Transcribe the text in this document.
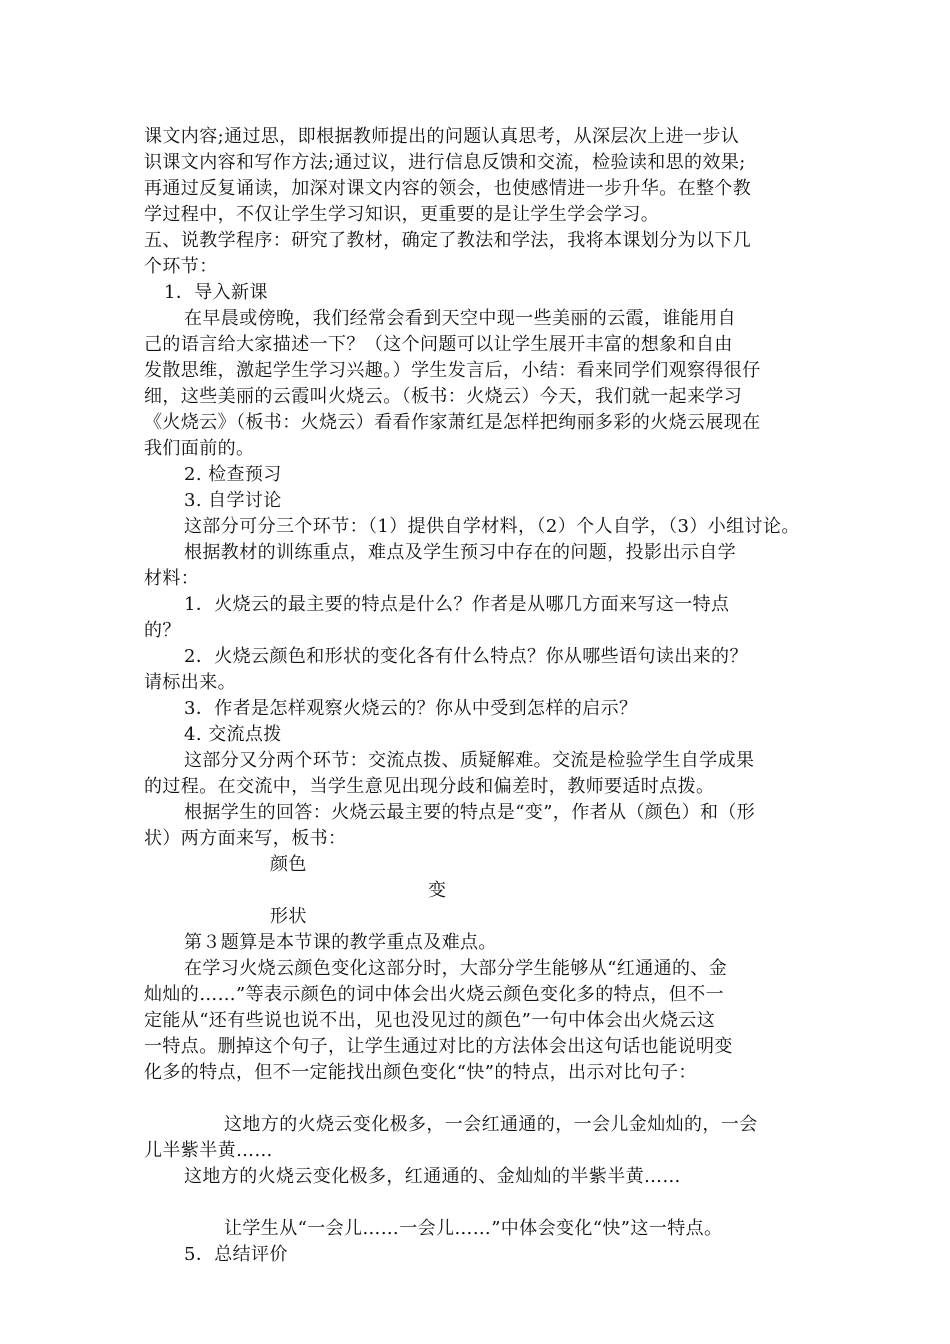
课文内容;通过思，即根据教师提出的问题认真思考，从深层次上进一步认
识课文内容和写作方法;通过议，进行信息反馈和交流，检验读和思的效果;
再通过反复诵读，加深对课文内容的领会，也使感情进一步升华。在整个教
学过程中，不仅让学生学习知识，更重要的是让学生学会学习。
五、说教学程序：研究了教材，确定了教法和学法，我将本课划分为以下几
个环节：
1．导入新课
在早晨或傍晚，我们经常会看到天空中现一些美丽的云霞，谁能用自
己的语言给大家描述一下？（这个问题可以让学生展开丰富的想象和自由
发散思维，激起学生学习兴趣。）学生发言后，小结：看来同学们观察得很仔
细，这些美丽的云霞叫火烧云。（板书：火烧云）今天，我们就一起来学习
《火烧云》（板书：火烧云）看看作家萧红是怎样把绚丽多彩的火烧云展现在
我们面前的。
2. 检查预习
3. 自学讨论
这部分可分三个环节：（1）提供自学材料，（2）个人自学，（3）小组讨论。
根据教材的训练重点，难点及学生预习中存在的问题，投影出示自学
材料：
1．火烧云的最主要的特点是什么？作者是从哪几方面来写这一特点
的？
2．火烧云颜色和形状的变化各有什么特点？你从哪些语句读出来的？
请标出来。
3．作者是怎样观察火烧云的？你从中受到怎样的启示？
4. 交流点拨
这部分又分两个环节：交流点拨、质疑解难。交流是检验学生自学成果
的过程。在交流中，当学生意见出现分歧和偏差时，教师要适时点拨。
根据学生的回答：火烧云最主要的特点是“变”，作者从（颜色）和（形
状）两方面来写，板书：
颜色
变
形状
第３题算是本节课的教学重点及难点。
在学习火烧云颜色变化这部分时，大部分学生能够从“红通通的、金
灿灿的……”等表示颜色的词中体会出火烧云颜色变化多的特点，但不一
定能从“还有些说也说不出，见也没见过的颜色”一句中体会出火烧云这
一特点。删掉这个句子，让学生通过对比的方法体会出这句话也能说明变
化多的特点，但不一定能找出颜色变化“快”的特点，出示对比句子：
这地方的火烧云变化极多，一会红通通的，一会儿金灿灿的，一会
儿半紫半黄……
这地方的火烧云变化极多，红通通的、金灿灿的半紫半黄……
让学生从“一会儿……一会儿……”中体会变化“快”这一特点。
5．总结评价
